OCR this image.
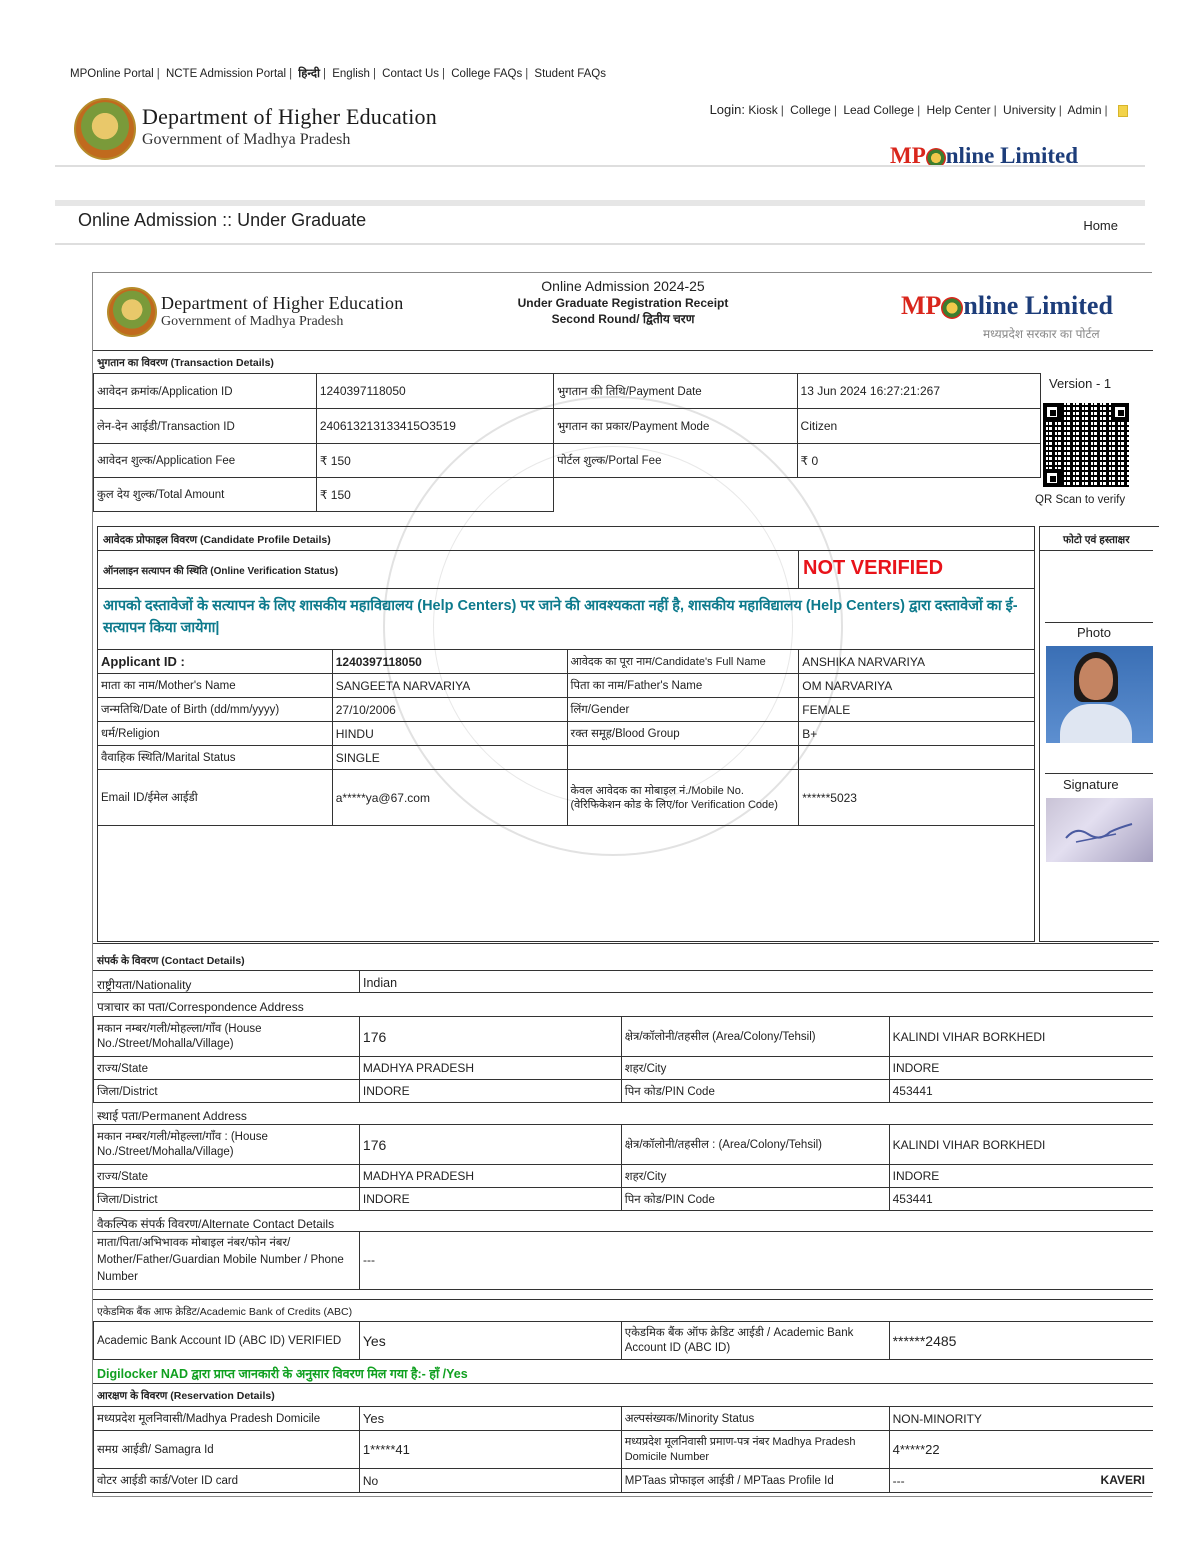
MPOnline Portal | NCTE Admission Portal | हिन्दी | English | Contact Us | College FAQs | Student FAQs
Department of Higher Education
Government of Madhya Pradesh
Login: Kiosk | College | Lead College | Help Center | University | Admin |
MP nline Limited
Online Admission :: Under Graduate	Home
Department of Higher Education
Government of Madhya Pradesh
Online Admission 2024-25
Under Graduate Registration Receipt
Second Round/ द्वितीय चरण	MP nline Limited
मध्यप्रदेश सरकार का पोर्टल
भुगतान का विवरण (Transaction Details)
आवेदन क्रमांक/Application ID	1240397118050	भुगतान की तिथि/Payment Date	13 Jun 2024 16:27:21:267
लेन-देन आईडी/Transaction ID	240613213133415O3519	भुगतान का प्रकार/Payment Mode	Citizen
आवेदन शुल्क/Application Fee	₹ 150	पोर्टल शुल्क/Portal Fee	₹ 0
कुल देय शुल्क/Total Amount	₹ 150		
Version - 1
QR Scan to verify
आवेदक प्रोफाइल विवरण (Candidate Profile Details)
ऑनलाइन सत्यापन की स्थिति (Online Verification Status)	NOT VERIFIED
आपको दस्तावेजों के सत्यापन के लिए शासकीय महाविद्यालय (Help Centers) पर जाने की आवश्यकता नहीं है, शासकीय महाविद्यालय (Help Centers) द्वारा दस्तावेजों का ई-सत्यापन किया जायेगा|
Applicant ID :	1240397118050	आवेदक का पूरा नाम/Candidate's Full Name	ANSHIKA NARVARIYA
माता का नाम/Mother's Name	SANGEETA NARVARIYA	पिता का नाम/Father's Name	OM NARVARIYA
जन्मतिथि/Date of Birth (dd/mm/yyyy)	27/10/2006	लिंग/Gender	FEMALE
धर्म/Religion	HINDU	रक्त समूह/Blood Group	B+
वैवाहिक स्थिति/Marital Status	SINGLE		
Email ID/ईमेल आईडी	a*****ya@67.com	केवल आवेदक का मोबाइल नं./Mobile No. (वेरिफिकेशन कोड के लिए/for Verification Code)	******5023
फोटो एवं हस्ताक्षर
Photo
Signature
संपर्क के विवरण (Contact Details)
राष्ट्रीयता/Nationality	Indian
पत्राचार का पता/Correspondence Address
मकान नम्बर/गली/मोहल्ला/गाँव (House No./Street/Mohalla/Village)	176	क्षेत्र/कॉलोनी/तहसील (Area/Colony/Tehsil)	KALINDI VIHAR BORKHEDI
राज्य/State	MADHYA PRADESH	शहर/City	INDORE
जिला/District	INDORE	पिन कोड/PIN Code	453441
स्थाई पता/Permanent Address
मकान नम्बर/गली/मोहल्ला/गाँव : (House No./Street/Mohalla/Village)	176	क्षेत्र/कॉलोनी/तहसील : (Area/Colony/Tehsil)	KALINDI VIHAR BORKHEDI
राज्य/State	MADHYA PRADESH	शहर/City	INDORE
जिला/District	INDORE	पिन कोड/PIN Code	453441
वैकल्पिक संपर्क विवरण/Alternate Contact Details
माता/पिता/अभिभावक मोबाइल नंबर/फोन नंबर/ Mother/Father/Guardian Mobile Number / Phone Number
---
एकेडमिक बैंक आफ क्रेडिट/Academic Bank of Credits (ABC)
Academic Bank Account ID (ABC ID) VERIFIED	Yes	एकेडमिक बैंक ऑफ क्रेडिट आईडी / Academic Bank Account ID (ABC ID)	******2485
Digilocker NAD द्वारा प्राप्त जानकारी के अनुसार विवरण मिल गया है:- हाँ /Yes
आरक्षण के विवरण (Reservation Details)
मध्यप्रदेश मूलनिवासी/Madhya Pradesh Domicile	Yes	अल्पसंख्यक/Minority Status	NON-MINORITY
समग्र आईडी/ Samagra Id	1*****41	मध्यप्रदेश मूलनिवासी प्रमाण-पत्र नंबर Madhya Pradesh Domicile Number	4*****22
वोटर आईडी कार्ड/Voter ID card	No	MPTaas प्रोफाइल आईडी / MPTaas Profile Id	--- KAVERI
